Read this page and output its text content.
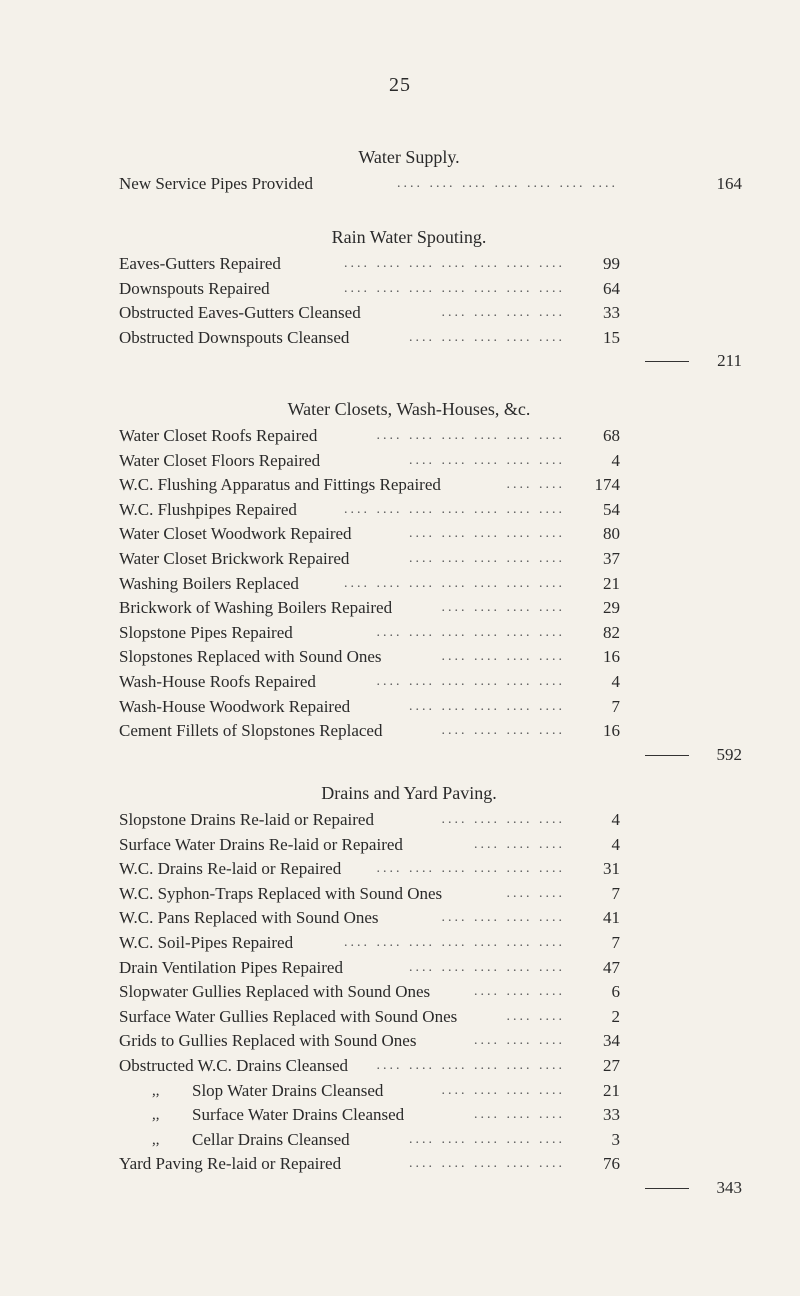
25
Water Supply.
New Service Pipes Provided	.... .... .... .... .... .... ....	164
Rain Water Spouting.
Eaves-Gutters Repaired	.... .... .... .... .... .... .... 99
Downspouts Repaired	.... .... .... .... .... .... .... 64
Obstructed Eaves-Gutters Cleansed	.... .... .... .... 33
Obstructed Downspouts Cleansed	.... .... .... .... .... 15
211
Water Closets, Wash-Houses, &c.
Water Closet Roofs Repaired	.... .... .... .... .... .... 68
Water Closet Floors Repaired	.... .... .... .... ....	4
W.C. Flushing Apparatus and Fittings Repaired	.... .... 174
W.C. Flushpipes Repaired	.... .... .... .... .... .... .... 54
Water Closet Woodwork Repaired	.... .... .... .... .... 80
Water Closet Brickwork Repaired	.... .... .... .... .... 37
Washing Boilers Replaced	.... .... .... .... .... .... .... 21
Brickwork of Washing Boilers Repaired	.... .... .... .... 29
Slopstone Pipes Repaired	.... .... .... .... .... .... 82
Slopstones Replaced with Sound Ones	.... .... .... .... 16
Wash-House Roofs Repaired	.... .... .... .... .... ....	4
Wash-House Woodwork Repaired	.... .... .... .... ....	7
Cement Fillets of Slopstones Replaced	.... .... .... .... 16
592
Drains and Yard Paving.
Slopstone Drains Re-laid or Repaired	.... .... .... ....	4
Surface Water Drains Re-laid or Repaired	.... .... ....	4
W.C. Drains Re-laid or Repaired	.... .... .... .... .... .... 31
W.C. Syphon-Traps Replaced with Sound Ones	.... ....	7
W.C. Pans Replaced with Sound Ones	.... .... .... .... 41
W.C. Soil-Pipes Repaired	.... .... .... .... .... .... ....	7
Drain Ventilation Pipes Repaired	.... .... .... .... .... 47
Slopwater Gullies Replaced with Sound Ones	.... .... ....	6
Surface Water Gullies Replaced with Sound Ones	.... ....	2
Grids to Gullies Replaced with Sound Ones	.... .... .... 34
Obstructed W.C. Drains Cleansed .... .... .... .... .... .... 27
,, Slop Water Drains Cleansed	.... .... .... .... 21
,, Surface Water Drains Cleansed	.... .... .... 33
,, Cellar Drains Cleansed	.... .... .... .... ....	3
Yard Paving Re-laid or Repaired	.... .... .... .... .... 76
343
